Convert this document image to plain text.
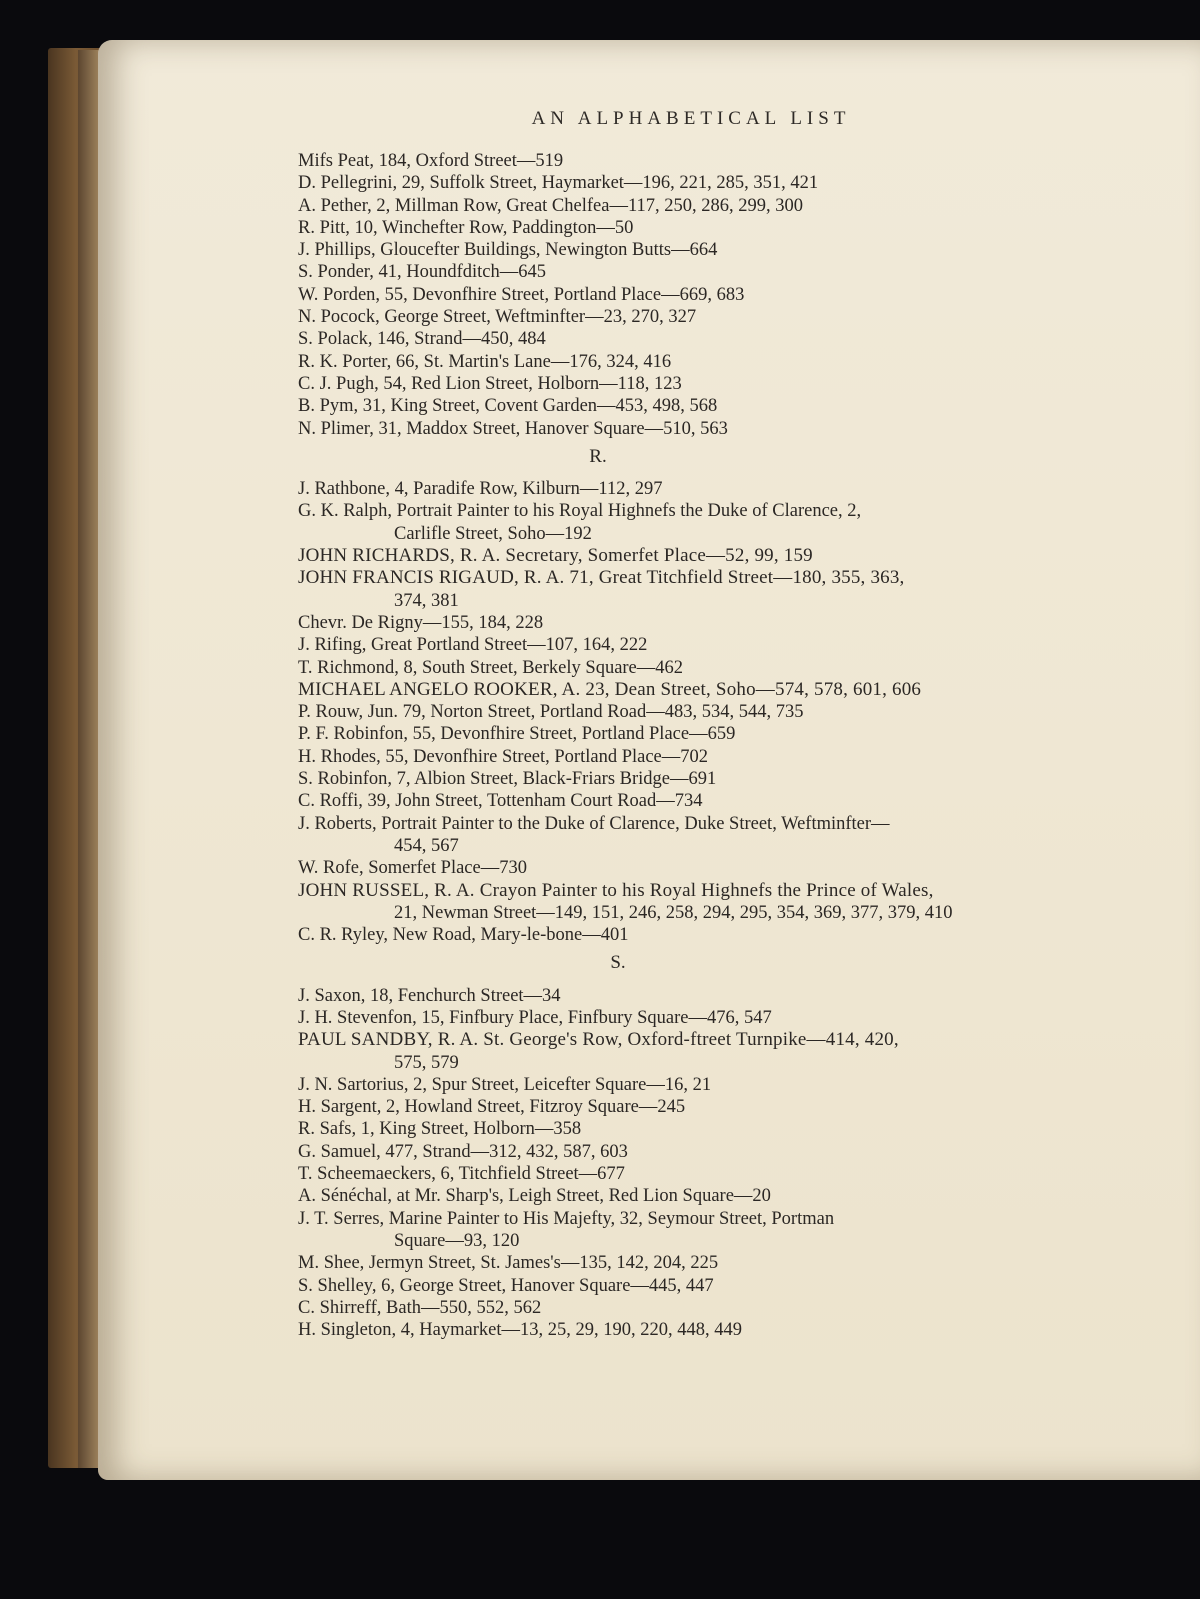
AN ALPHABETICAL LIST
Mifs Peat, 184, Oxford Street—519
D. Pellegrini, 29, Suffolk Street, Haymarket—196, 221, 285, 351, 421
A. Pether, 2, Millman Row, Great Chelfea—117, 250, 286, 299, 300
R. Pitt, 10, Winchefter Row, Paddington—50
J. Phillips, Gloucefter Buildings, Newington Butts—664
S. Ponder, 41, Houndfditch—645
W. Porden, 55, Devonfhire Street, Portland Place—669, 683
N. Pocock, George Street, Weftminfter—23, 270, 327
S. Polack, 146, Strand—450, 484
R. K. Porter, 66, St. Martin's Lane—176, 324, 416
C. J. Pugh, 54, Red Lion Street, Holborn—118, 123
B. Pym, 31, King Street, Covent Garden—453, 498, 568
N. Plimer, 31, Maddox Street, Hanover Square—510, 563
R.
J. Rathbone, 4, Paradife Row, Kilburn—112, 297
G. K. Ralph, Portrait Painter to his Royal Highnefs the Duke of Clarence, 2,
Carlifle Street, Soho—192
JOHN RICHARDS, R. A. Secretary, Somerfet Place—52, 99, 159
JOHN FRANCIS RIGAUD, R. A. 71, Great Titchfield Street—180, 355, 363,
374, 381
Chevr. De Rigny—155, 184, 228
J. Rifing, Great Portland Street—107, 164, 222
T. Richmond, 8, South Street, Berkely Square—462
MICHAEL ANGELO ROOKER, A. 23, Dean Street, Soho—574, 578, 601, 606
P. Rouw, Jun. 79, Norton Street, Portland Road—483, 534, 544, 735
P. F. Robinfon, 55, Devonfhire Street, Portland Place—659
H. Rhodes, 55, Devonfhire Street, Portland Place—702
S. Robinfon, 7, Albion Street, Black-Friars Bridge—691
C. Roffi, 39, John Street, Tottenham Court Road—734
J. Roberts, Portrait Painter to the Duke of Clarence, Duke Street, Weftminfter—
454, 567
W. Rofe, Somerfet Place—730
JOHN RUSSEL, R. A. Crayon Painter to his Royal Highnefs the Prince of Wales,
21, Newman Street—149, 151, 246, 258, 294, 295, 354, 369, 377, 379, 410
C. R. Ryley, New Road, Mary-le-bone—401
S.
J. Saxon, 18, Fenchurch Street—34
J. H. Stevenfon, 15, Finfbury Place, Finfbury Square—476, 547
PAUL SANDBY, R. A. St. George's Row, Oxford-ftreet Turnpike—414, 420,
575, 579
J. N. Sartorius, 2, Spur Street, Leicefter Square—16, 21
H. Sargent, 2, Howland Street, Fitzroy Square—245
R. Safs, 1, King Street, Holborn—358
G. Samuel, 477, Strand—312, 432, 587, 603
T. Scheemaeckers, 6, Titchfield Street—677
A. Sénéchal, at Mr. Sharp's, Leigh Street, Red Lion Square—20
J. T. Serres, Marine Painter to His Majefty, 32, Seymour Street, Portman
Square—93, 120
M. Shee, Jermyn Street, St. James's—135, 142, 204, 225
S. Shelley, 6, George Street, Hanover Square—445, 447
C. Shirreff, Bath—550, 552, 562
H. Singleton, 4, Haymarket—13, 25, 29, 190, 220, 448, 449
